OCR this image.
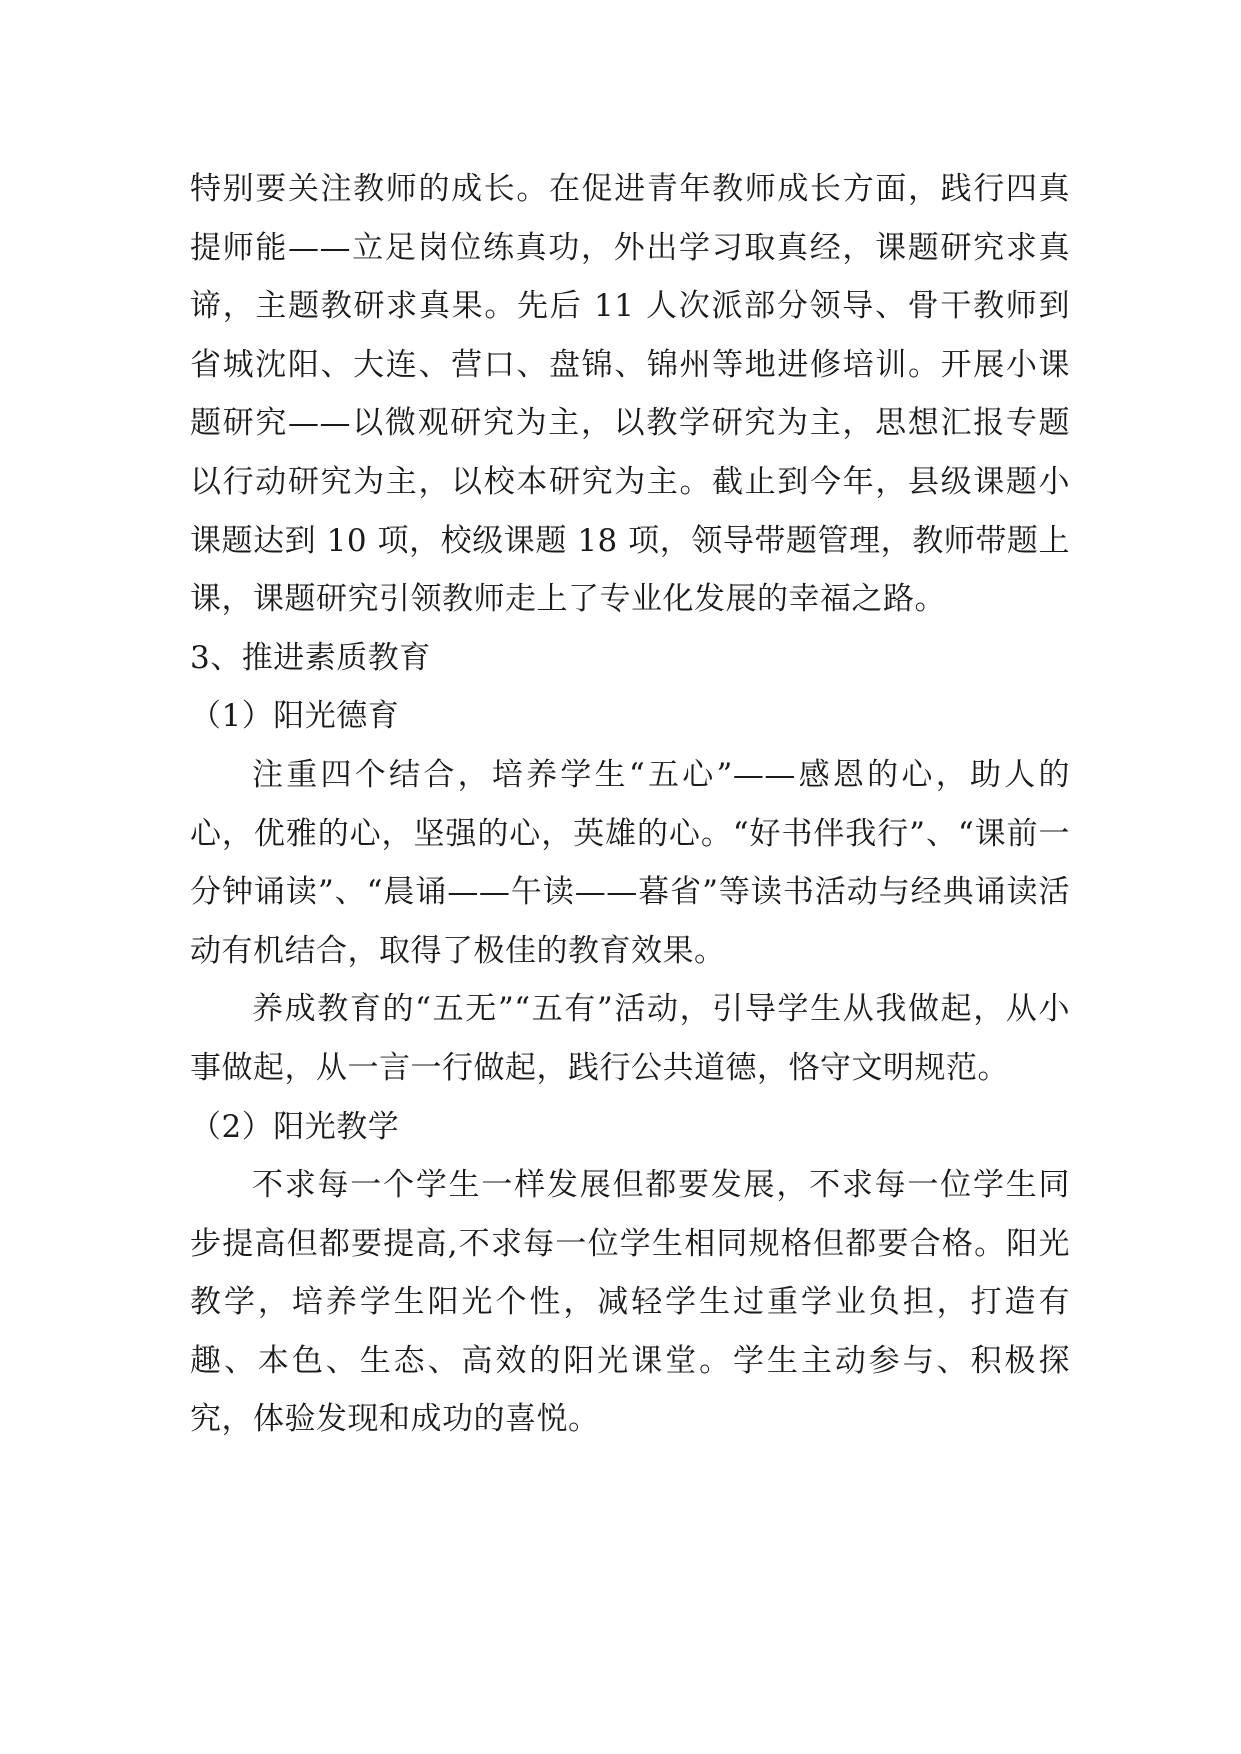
特别要关注教师的成长。在促进青年教师成长方面，践行四真提师能——立足岗位练真功，外出学习取真经，课题研究求真谛，主题教研求真果。先后 11 人次派部分领导、骨干教师到省城沈阳、大连、营口、盘锦、锦州等地进修培训。开展小课题研究——以微观研究为主，以教学研究为主，思想汇报专题以行动研究为主，以校本研究为主。截止到今年，县级课题小课题达到 10 项，校级课题 18 项，领导带题管理，教师带题上课，课题研究引领教师走上了专业化发展的幸福之路。

3、推进素质教育

（1）阳光德育

注重四个结合，培养学生“五心”——感恩的心，助人的心，优雅的心，坚强的心，英雄的心。“好书伴我行”、“课前一分钟诵读”、“晨诵——午读——暮省”等读书活动与经典诵读活动有机结合，取得了极佳的教育效果。

养成教育的“五无”“五有”活动，引导学生从我做起，从小事做起，从一言一行做起，践行公共道德，恪守文明规范。

（2）阳光教学

不求每一个学生一样发展但都要发展，不求每一位学生同步提高但都要提高,不求每一位学生相同规格但都要合格。阳光教学，培养学生阳光个性，减轻学生过重学业负担，打造有趣、本色、生态、高效的阳光课堂。学生主动参与、积极探究，体验发现和成功的喜悦。
